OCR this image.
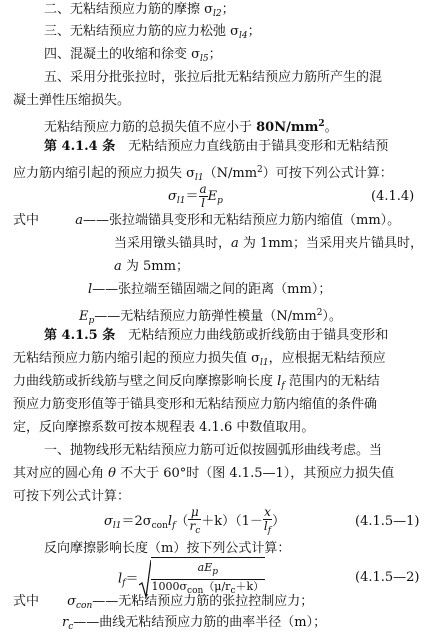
二、无粘结预应力筋的摩擦 $\sigma_{l2}$；
三、无粘结预应力筋的应力松弛 $\sigma_{l4}$；
四、混凝土的收缩和徐变 $\sigma_{l5}$；
五、采用分批张拉时，张拉后批无粘结预应力筋所产生的混
凝土弹性压缩损失。
无粘结预应力筋的总损失值不应小于 $80N/mm^2$。
第 4.1.4 条　无粘结预应力直线筋由于锚具变形和无粘结预
应力筋内缩引起的预应力损失 $\sigma_{l1}(N/mm^2)$可按下列公式计算：
$\sigma_{l1}= \frac{a}{l} E_p$	(4.1.4)
式中	a——张拉端锚具变形和无粘结预应力筋内缩值（mm）。
当采用镦头锚具时，a 为 1mm；当采用夹片锚具时，
a 为 5mm；
l——张拉端至锚固端之间的距离（mm）；
$E_p——$无粘结预应力筋弹性模量$(N/mm^2)$。
第 4.1.5 条　无粘结预应力曲线筋或折线筋由于锚具变形和
无粘结预应力筋内缩引起的预应力损失值 $\sigma_{l1}$，应根据无粘结预应
力曲线筋或折线筋与壁之间反向摩擦影响长度 $l_f$ 范围内的无粘结
预应力筋变形值等于锚具变形和无粘结预应力筋内缩值的条件确
定，反向摩擦系数可按本规程表 4.1.6 中数值取用。
一、抛物线形无粘结预应力筋可近似按圆弧形曲线考虑。当
其对应的圆心角 θ 不大于 60°时（图 4.1.5—1），其预应力损失值
可按下列公式计算：
$\sigma_{l1}=2\sigma_{con}l_f( \frac{\mu}{r_c} +k)(1- \frac{x}{l_f}$ ）	(4.1.5—1)
反向摩擦影响长度（m）按下列公式计算：
$l_f= \frac{aE_p}{1000\sigma_{con}(\mu/r_c+k)}$	(4.1.5—2)
式中 $\sigma_{con}——$无粘结预应力筋的张拉控制应力；
$r_c——$曲线无粘结预应力筋的曲率半径（m）；
